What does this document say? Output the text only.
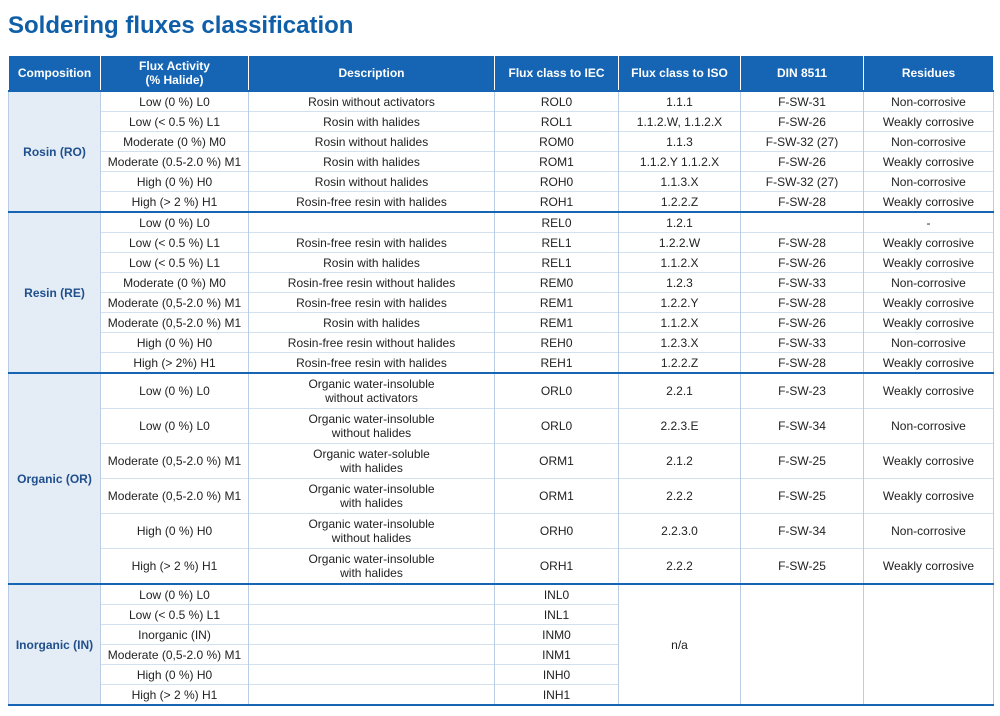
Soldering fluxes classification
Composition	Flux Activity
(% Halide)	Description	Flux class to IEC	Flux class to ISO	DIN 8511	Residues
Rosin (RO)	Low (0 %) L0	Rosin without activators	ROL0	1.1.1	F-SW-31	Non-corrosive
	Low (< 0.5 %) L1	Rosin with halides	ROL1	1.1.2.W, 1.1.2.X	F-SW-26	Weakly corrosive
	Moderate (0 %) M0	Rosin without halides	ROM0	1.1.3	F-SW-32 (27)	Non-corrosive
	Moderate (0.5-2.0 %) M1	Rosin with halides	ROM1	1.1.2.Y 1.1.2.X	F-SW-26	Weakly corrosive
	High (0 %) H0	Rosin without halides	ROH0	1.1.3.X	F-SW-32 (27)	Non-corrosive
	High (> 2 %) H1	Rosin-free resin with halides	ROH1	1.2.2.Z	F-SW-28	Weakly corrosive
Resin (RE)	Low (0 %) L0		REL0	1.2.1		-
	Low (< 0.5 %) L1	Rosin-free resin with halides	REL1	1.2.2.W	F-SW-28	Weakly corrosive
	Low (< 0.5 %) L1	Rosin with halides	REL1	1.1.2.X	F-SW-26	Weakly corrosive
	Moderate (0 %) M0	Rosin-free resin without halides	REM0	1.2.3	F-SW-33	Non-corrosive
	Moderate (0,5-2.0 %) M1	Rosin-free resin with halides	REM1	1.2.2.Y	F-SW-28	Weakly corrosive
	Moderate (0,5-2.0 %) M1	Rosin with halides	REM1	1.1.2.X	F-SW-26	Weakly corrosive
	High (0 %) H0	Rosin-free resin without halides	REH0	1.2.3.X	F-SW-33	Non-corrosive
	High (> 2%) H1	Rosin-free resin with halides	REH1	1.2.2.Z	F-SW-28	Weakly corrosive
Organic (OR)	Low (0 %) L0	Organic water-insoluble
without activators	ORL0	2.2.1	F-SW-23	Weakly corrosive
	Low (0 %) L0	Organic water-insoluble
without halides	ORL0	2.2.3.E	F-SW-34	Non-corrosive
	Moderate (0,5-2.0 %) M1	Organic water-soluble
with halides	ORM1	2.1.2	F-SW-25	Weakly corrosive
	Moderate (0,5-2.0 %) M1	Organic water-insoluble
with halides	ORM1	2.2.2	F-SW-25	Weakly corrosive
	High (0 %) H0	Organic water-insoluble
without halides	ORH0	2.2.3.0	F-SW-34	Non-corrosive
	High (> 2 %) H1	Organic water-insoluble
with halides	ORH1	2.2.2	F-SW-25	Weakly corrosive
Inorganic (IN)	Low (0 %) L0		INL0	n/a		
	Low (< 0.5 %) L1		INL1			
	Inorganic (IN)		INM0			
	Moderate (0,5-2.0 %) M1		INM1			
	High (0 %) H0		INH0			
	High (> 2 %) H1		INH1			
